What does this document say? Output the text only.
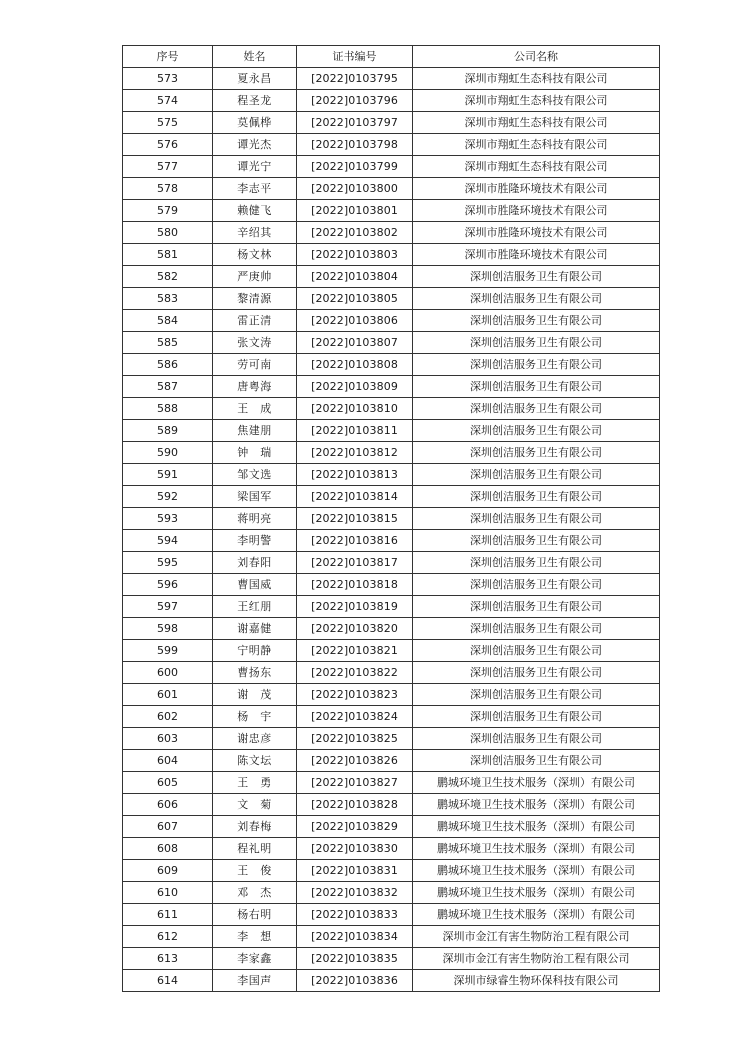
序号	姓名	证书编号	公司名称
573	夏永昌	[2022]0103795	深圳市翔虹生态科技有限公司
574	程圣龙	[2022]0103796	深圳市翔虹生态科技有限公司
575	莫佩桦	[2022]0103797	深圳市翔虹生态科技有限公司
576	谭光杰	[2022]0103798	深圳市翔虹生态科技有限公司
577	谭光宁	[2022]0103799	深圳市翔虹生态科技有限公司
578	李志平	[2022]0103800	深圳市胜隆环境技术有限公司
579	赖健飞	[2022]0103801	深圳市胜隆环境技术有限公司
580	辛绍其	[2022]0103802	深圳市胜隆环境技术有限公司
581	杨文林	[2022]0103803	深圳市胜隆环境技术有限公司
582	严庚帅	[2022]0103804	深圳创洁服务卫生有限公司
583	黎清源	[2022]0103805	深圳创洁服务卫生有限公司
584	雷正清	[2022]0103806	深圳创洁服务卫生有限公司
585	张文涛	[2022]0103807	深圳创洁服务卫生有限公司
586	劳可南	[2022]0103808	深圳创洁服务卫生有限公司
587	唐粤海	[2022]0103809	深圳创洁服务卫生有限公司
588	王　成	[2022]0103810	深圳创洁服务卫生有限公司
589	焦建朋	[2022]0103811	深圳创洁服务卫生有限公司
590	钟　瑞	[2022]0103812	深圳创洁服务卫生有限公司
591	邹文选	[2022]0103813	深圳创洁服务卫生有限公司
592	梁国军	[2022]0103814	深圳创洁服务卫生有限公司
593	蒋明亮	[2022]0103815	深圳创洁服务卫生有限公司
594	李明警	[2022]0103816	深圳创洁服务卫生有限公司
595	刘春阳	[2022]0103817	深圳创洁服务卫生有限公司
596	曹国威	[2022]0103818	深圳创洁服务卫生有限公司
597	王红朋	[2022]0103819	深圳创洁服务卫生有限公司
598	谢嘉健	[2022]0103820	深圳创洁服务卫生有限公司
599	宁明静	[2022]0103821	深圳创洁服务卫生有限公司
600	曹扬东	[2022]0103822	深圳创洁服务卫生有限公司
601	谢　茂	[2022]0103823	深圳创洁服务卫生有限公司
602	杨　宇	[2022]0103824	深圳创洁服务卫生有限公司
603	谢忠彦	[2022]0103825	深圳创洁服务卫生有限公司
604	陈文坛	[2022]0103826	深圳创洁服务卫生有限公司
605	王　勇	[2022]0103827	鹏城环境卫生技术服务（深圳）有限公司
606	文　菊	[2022]0103828	鹏城环境卫生技术服务（深圳）有限公司
607	刘春梅	[2022]0103829	鹏城环境卫生技术服务（深圳）有限公司
608	程礼明	[2022]0103830	鹏城环境卫生技术服务（深圳）有限公司
609	王　俊	[2022]0103831	鹏城环境卫生技术服务（深圳）有限公司
610	邓　杰	[2022]0103832	鹏城环境卫生技术服务（深圳）有限公司
611	杨右明	[2022]0103833	鹏城环境卫生技术服务（深圳）有限公司
612	李　想	[2022]0103834	深圳市金江有害生物防治工程有限公司
613	李家鑫	[2022]0103835	深圳市金江有害生物防治工程有限公司
614	李国声	[2022]0103836	深圳市绿睿生物环保科技有限公司
